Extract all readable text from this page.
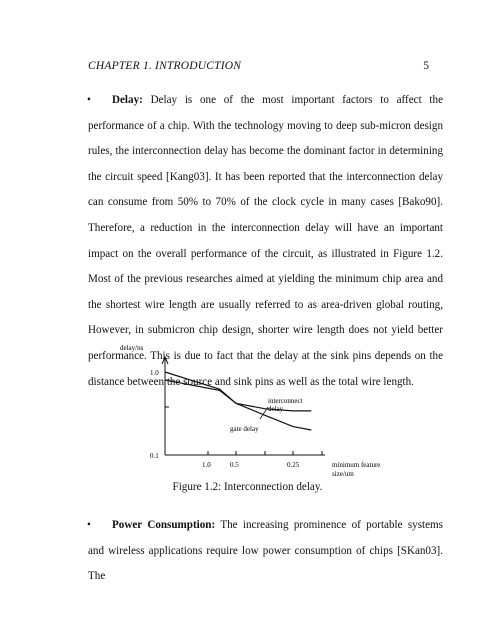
CHAPTER 1. INTRODUCTION	5
•	Delay: Delay is one of the most important factors to affect the performance of a chip. With the technology moving to deep sub-micron design rules, the interconnection delay has become the dominant factor in determining the circuit speed [Kang03]. It has been reported that the interconnection delay can consume from 50% to 70% of the clock cycle in many cases [Bako90]. Therefore, a reduction in the interconnection delay will have an important impact on the overall performance of the circuit, as illustrated in Figure 1.2. Most of the previous researches aimed at yielding the minimum chip area and the shortest wire length are usually referred to as area-driven global routing, However, in submicron chip design, shorter wire length does not yield better performance. This is due to fact that the delay at the sink pins depends on the distance between the source and sink pins as well as the total wire length.
delay/ns
1.0
0.1
1.0	0.5	0.25	minimum feature
size/um
interconnect
delay
gate delay
Figure 1.2: Interconnection delay.
•	Power Consumption: The increasing prominence of portable systems and wireless applications require low power consumption of chips [SKan03]. The
